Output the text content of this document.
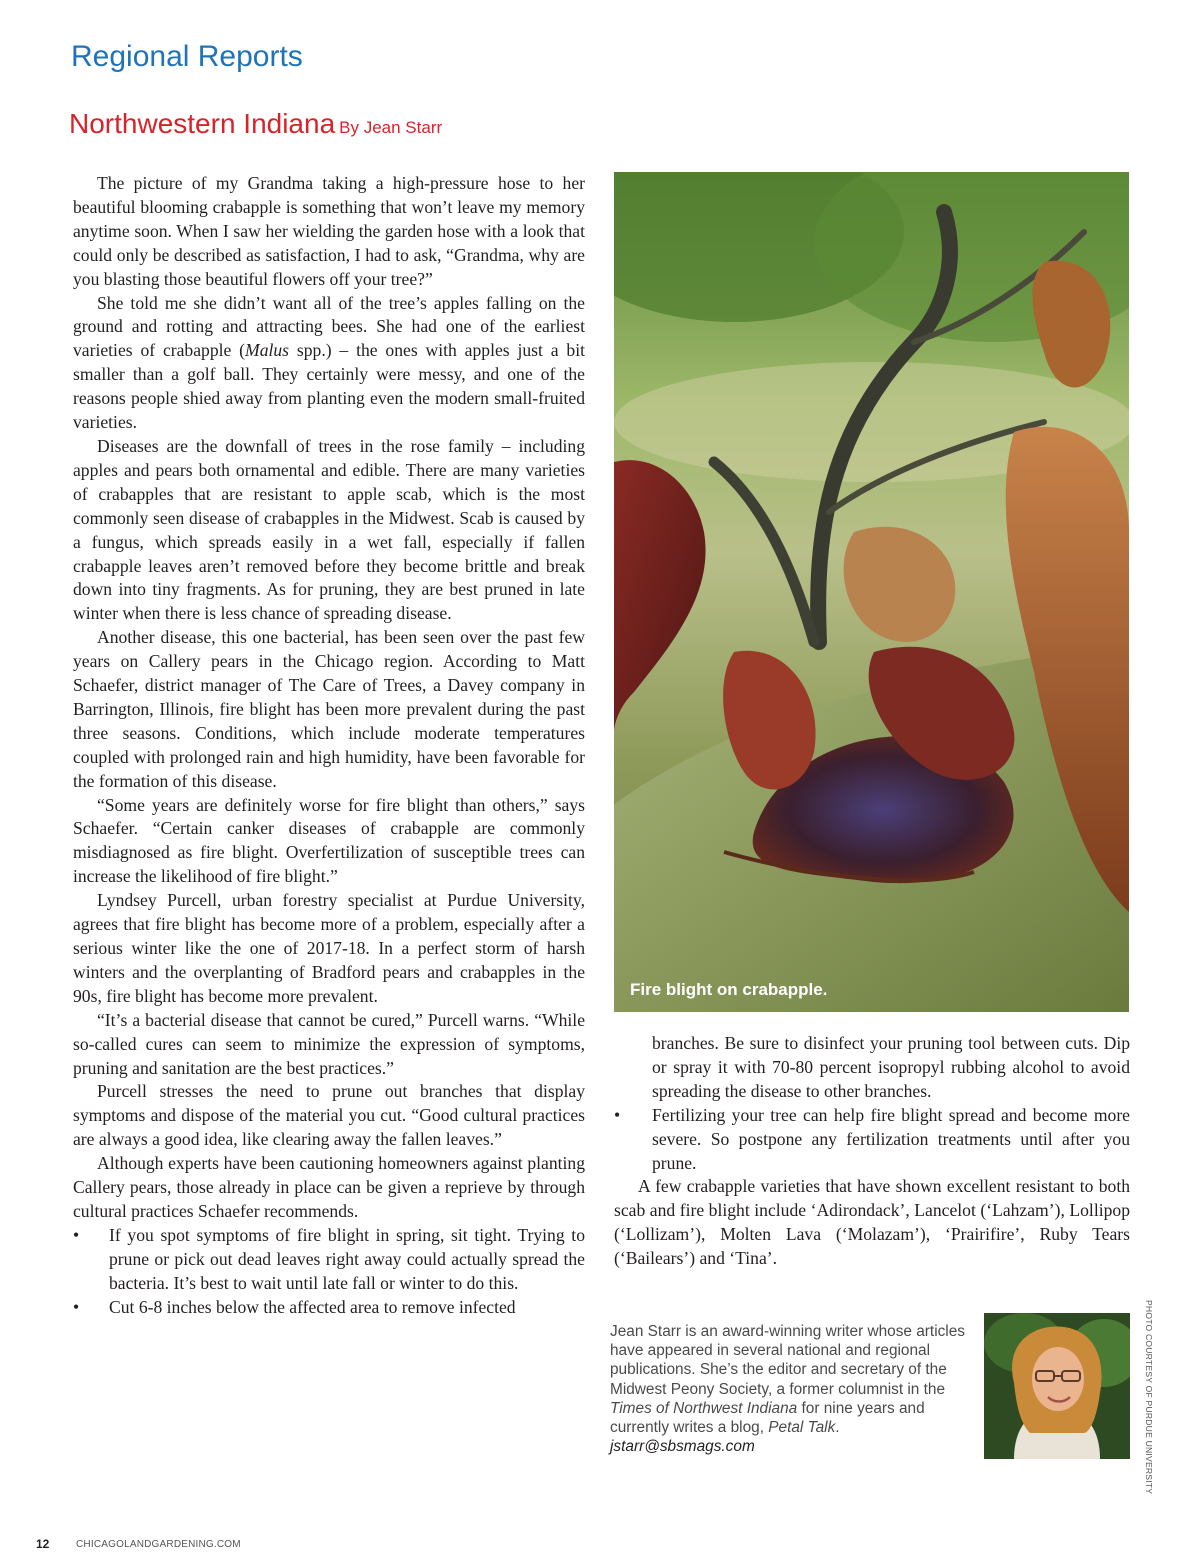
Regional Reports
Northwestern Indiana By Jean Starr

The picture of my Grandma taking a high-pressure hose to her beautiful blooming crabapple is something that won’t leave my memory anytime soon. When I saw her wielding the garden hose with a look that could only be described as satisfaction, I had to ask, “Grandma, why are you blasting those beautiful flowers off your tree?”

She told me she didn’t want all of the tree’s apples falling on the ground and rotting and attracting bees. She had one of the earliest varieties of crabapple (Malus spp.) – the ones with apples just a bit smaller than a golf ball. They certainly were messy, and one of the reasons people shied away from planting even the modern small-fruited varieties.

Diseases are the downfall of trees in the rose family – including apples and pears both ornamental and edible. There are many varieties of crabapples that are resistant to apple scab, which is the most commonly seen disease of crabapples in the Midwest. Scab is caused by a fungus, which spreads easily in a wet fall, especially if fallen crabapple leaves aren’t removed before they become brittle and break down into tiny fragments. As for pruning, they are best pruned in late winter when there is less chance of spreading disease.

Another disease, this one bacterial, has been seen over the past few years on Callery pears in the Chicago region. According to Matt Schaefer, district manager of The Care of Trees, a Davey company in Barrington, Illinois, fire blight has been more prevalent during the past three seasons. Conditions, which include moderate temperatures coupled with prolonged rain and high humidity, have been favorable for the formation of this disease.

“Some years are definitely worse for fire blight than others,” says Schaefer. “Certain canker diseases of crabapple are commonly misdiagnosed as fire blight. Overfertilization of susceptible trees can increase the likelihood of fire blight.”

Lyndsey Purcell, urban forestry specialist at Purdue University, agrees that fire blight has become more of a problem, especially after a serious winter like the one of 2017-18. In a perfect storm of harsh winters and the overplanting of Bradford pears and crabapples in the 90s, fire blight has become more prevalent.

“It’s a bacterial disease that cannot be cured,” Purcell warns. “While so-called cures can seem to minimize the expression of symptoms, pruning and sanitation are the best practices.”

Purcell stresses the need to prune out branches that display symptoms and dispose of the material you cut. “Good cultural practices are always a good idea, like clearing away the fallen leaves.”

Although experts have been cautioning homeowners against planting Callery pears, those already in place can be given a reprieve by through cultural practices Schaefer recommends.

• If you spot symptoms of fire blight in spring, sit tight. Trying to prune or pick out dead leaves right away could actually spread the bacteria. It’s best to wait until late fall or winter to do this.
• Cut 6-8 inches below the affected area to remove infected
Fire blight on crabapple.
branches. Be sure to disinfect your pruning tool between cuts. Dip or spray it with 70-80 percent isopropyl rubbing alcohol to avoid spreading the disease to other branches.
• Fertilizing your tree can help fire blight spread and become more severe. So postpone any fertilization treatments until after you prune.

A few crabapple varieties that have shown excellent resistant to both scab and fire blight include ‘Adirondack’, Lancelot (‘Lahzam’), Lollipop (‘Lollizam’), Molten Lava (‘Molazam’), ‘Prairifire’, Ruby Tears (‘Bailears’) and ‘Tina’.

Jean Starr is an award-winning writer whose articles have appeared in several national and regional publications. She’s the editor and secretary of the Midwest Peony Society, a former columnist in the Times of Northwest Indiana for nine years and currently writes a blog, Petal Talk.
jstarr@sbsmags.com	PHOTO COURTESY OF PURDUE UNIVERSITY
12	CHICAGOLANDGARDENING.COM
